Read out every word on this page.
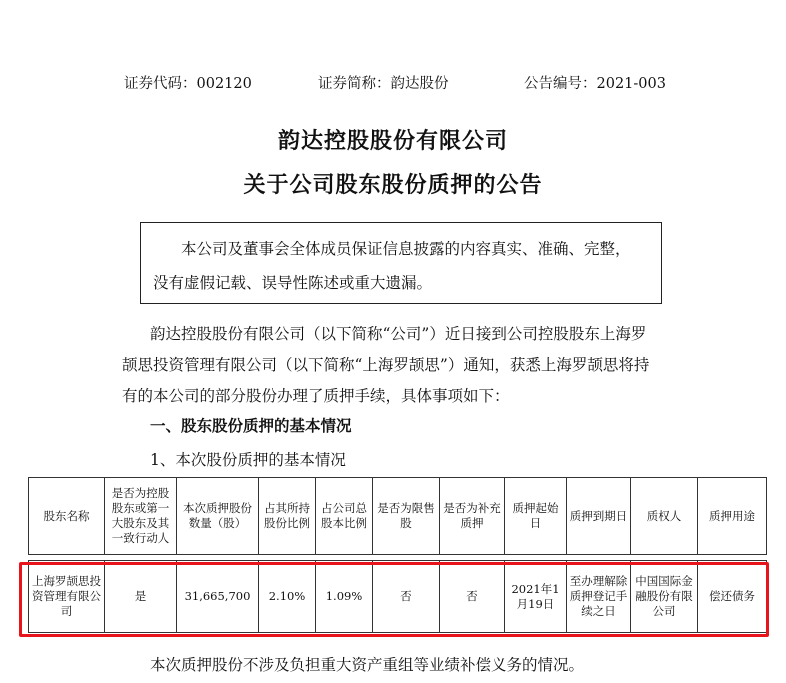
证券代码：002120	证券简称：韵达股份	公告编号：2021-003
韵达控股股份有限公司
关于公司股东股份质押的公告

本公司及董事会全体成员保证信息披露的内容真实、准确、完整，

没有虚假记载、误导性陈述或重大遗漏。

韵达控股股份有限公司（以下简称“公司”）近日接到公司控股股东上海罗
颉思投资管理有限公司（以下简称“上海罗颉思”）通知，获悉上海罗颉思将持
有的本公司的部分股份办理了质押手续，具体事项如下：
一、股东股份质押的基本情况
1、本次股份质押的基本情况
股东名称	是否为控股股东或第一大股东及其一致行动人	本次质押股份数量（股）	占其所持股份比例	占公司总股本比例	是否为限售股	是否为补充质押	质押起始日	质押到期日	质权人	质押用途

上海罗颉思投资管理有限公司	是	31,665,700	2.10%	1.09%	否	否	2021年1月19日	至办理解除质押登记手续之日	中国国际金融股份有限公司	偿还债务
本次质押股份不涉及负担重大资产重组等业绩补偿义务的情况。
